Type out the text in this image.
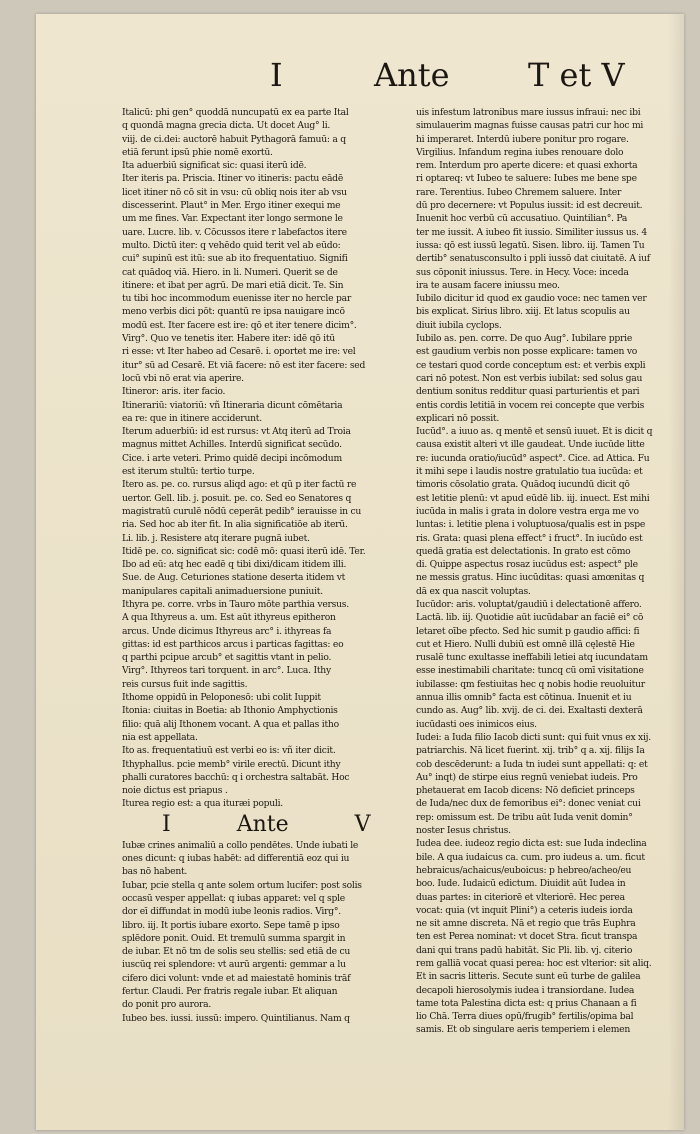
I	Ante T et V
Italicū: phi gen° quoddā nuncupatū ex ea parte Ital
q quondā magna grecia dicta. Ut docet Aug° li.
viij. de ci.dei: auctorē habuit Pythagorā famuū: a q
etiā ferunt ipsū phie nomē exortū.
Ita aduerbiū significat sic: quasi iterū idē.
Iter iteris pa. Priscia. Itiner vo itineris: pactu eādē
licet itiner nō cō sit in vsu: cū obliq nois iter ab vsu
discesserint. Plaut° in Mer. Ergo itiner exequi me
um me fines. Var. Expectant iter longo sermone le
uare. Lucre. lib. v. Cōcussos itere r labefactos itere
multo. Dictū iter: q vehēdo quid terit vel ab eūdo:
cui° supinū est itū: sue ab ito frequentatiuo. Signifi
cat quādoq viā. Hiero. in li. Numeri. Querit se de
itinere: et ibat per agrū. De mari etiā dicit. Te. Sin
tu tibi hoc incommodum euenisse iter no hercle par
meno verbis dici pōt: quantū re ipsa nauigare incō
modū est. Iter facere est ire: qō et iter tenere dicim°.
Virg°. Quo ve tenetis iter. Habere iter: idē qō itū
ri esse: vt Iter habeo ad Cesarē. i. oportet me ire: vel
itur° sū ad Cesarē. Et viā facere: nō est iter facere: sed
locū vbi nō erat via aperire.
Itineror: aris. iter facio.
Itinerariū: viatoriū: vñ Itineraria dicunt cōmētaria
ea re: que in itinere acciderunt.
Iterum aduerbiū: id est rursus: vt Atq iterū ad Troia
magnus mittet Achilles. Interdū significat secūdo.
Cice. i arte veteri. Primo quidē decipi incōmodum
est iterum stultū: tertio turpe.
Itero as. pe. co. rursus aliqd ago: et qū p iter factū re
uertor. Gell. lib. j. posuit. pe. co. Sed eo Senatores q
magistratū curulē nōdū ceperāt pedib° ierauisse in cu
ria. Sed hoc ab iter fit. In alia significatiōe ab iterū.
Li. lib. j. Resistere atq iterare pugnā iubet.
Itidē pe. co. significat sic: codē mō: quasi iterū idē. Ter.
Ibo ad eū: atq hec eadē q tibi dixi/dicam itidem illi.
Sue. de Aug. Ceturiones statione deserta itidem vt
manipulares capitali animaduersione puniuit.
Ithyra pe. corre. vrbs in Tauro mōte parthia versus.
A qua Ithyreus a. um. Est aūt ithyreus epitheron
arcus. Unde dicimus Ithyreus arc° i. ithyreas fa
gittas: id est parthicos arcus i particas fagittas: eo
q parthi pcipue arcub° et sagittis vtant in pelio.
Virg°. Ithyreos tari torquent. in arc°. Luca. Ithy
reis cursus fuit inde sagittis.
Ithome oppidū in Peloponesō: ubi colit Iuppit
Itonia: ciuitas in Boetia: ab Ithonio Amphyctionis
filio: quā alij Ithonem vocant. A qua et pallas itho
nia est appellata.
Ito as. frequentatiuū est verbi eo is: vñ iter dicit.
Ithyphallus. pcie memb° virile erectū. Dicunt ithy
phalli curatores bacchū: q i orchestra saltabāt. Hoc
noie dictus est priapus .
Iturea regio est: a qua ituræi populi.
I	Ante	V
Iubæ crines animaliū a collo pendētes. Unde iubati le
ones dicunt: q iubas habēt: ad differentiā eoz qui iu
bas nō habent.
Iubar, pcie stella q ante solem ortum lucifer: post solis
occasū vesper appellat: q iubas apparet: vel q sple
dor eī diffundat in modū iube leonis radios. Virg°.
libro. iij. It portis iubare exorto. Sepe tamē p ipso
splēdore ponit. Ouid. Et tremulū summa spargit in
de iubar. Et nō tm de solis seu stellis: sed etiā de cu
iuscūq rei splendore: vt aurū argenti: gemmar a lu
cifero dici volunt: vnde et ad maiestatē hominis trāf
fertur. Claudi. Per fratris regale iubar. Et aliquan
do ponit pro aurora.
Iubeo bes. iussi. iussū: impero. Quintilianus. Nam q
uis infestum latronibus mare iussus infraui: nec ibi
simulauerim magnas fuisse causas patri cur hoc mi
hi imperaret. Interdū iubere ponitur pro rogare.
Virgilius. Infandum regina iubes renouare dolo
rem. Interdum pro aperte dicere: et quasi exhorta
ri optareq: vt Iubeo te saluere: Iubes me bene spe
rare. Terentius. Iubeo Chremem saluere. Inter
dū pro decernere: vt Populus iussit: id est decreuit.
Inuenit hoc verbū cū accusatiuo. Quintilian°. Pa
ter me iussit. A iubeo fit iussio. Similiter iussus us. 4
iussa: qō est iussū legatū. Sisen. libro. iij. Tamen Tu
dertib° senatusconsulto i ppli iussō dat ciuitatē. A iuf
sus cōponit iniussus. Tere. in Hecy. Voce: inceda
ira te ausam facere iniussu meo.
Iubilo dicitur id quod ex gaudio voce: nec tamen ver
bis explicat. Sirius libro. xiij. Et latus scopulis au
diuit iubila cyclops.
Iubilo as. pen. corre. De quo Aug°. Iubilare pprie
est gaudium verbis non posse explicare: tamen vo
ce testari quod corde conceptum est: et verbis expli
cari nō potest. Non est verbis iubilat: sed solus gau
dentium sonitus redditur quasi parturientis et pari
entis cordis letitiā in vocem rei concepte que verbis
explicari nō possit.
Iucūd°. a iuuo as. q mentē et sensū iuuet. Et is dicit q
causa existit alteri vt ille gaudeat. Unde iucūde litte
re: iucunda oratio/iucūd° aspect°. Cice. ad Attica. Fu
it mihi sepe i laudis nostre gratulatio tua iucūda: et
timoris cōsolatio grata. Quādoq iucundū dicit qō
est letitie plenū: vt apud eūdē lib. iij. inuect. Est mihi
iucūda in malis i grata in dolore vestra erga me vo
luntas: i. letitie plena i voluptuosa/qualis est in pspe
ris. Grata: quasi plena effect° i fruct°. In iucūdo est
quedā gratia est delectationis. In grato est cōmo
di. Quippe aspectus rosaz iucūdus est: aspect° ple
ne messis gratus. Hinc iucūditas: quasi amœnitas q
dā ex qua nascit voluptas.
Iucūdor: aris. voluptat/gaudiū i delectationē affero.
Lactā. lib. iij. Quotidie aūt iucūdabar an faciē ei° cō
letaret oībe pfecto. Sed hic sumit p gaudio affici: fi
cut et Hiero. Nulli dubiū est omnē illā cęlestē Hie
rusalē tunc exultasse ineffabili letiei atq iucundatam
esse inestimabili charitate: tuncq cū omī visitatione
iubilasse: qm festiuitas hec q nobis hodie reuoluitur
annua illis omnib° facta est cōtinua. Inuenit et iu
cundo as. Aug° lib. xvij. de ci. dei. Exaltasti dexterā
iucūdasti oes inimicos eius.
Iudei: a Iuda filio Iacob dicti sunt: qui fuit vnus ex xij.
patriarchis. Nā licet fuerint. xij. trib° q a. xij. filijs Ia
cob descēderunt: a Iuda tn iudei sunt appellati: q: et
Au° inqt) de stirpe eius regnū veniebat iudeis. Pro
phetauerat em Iacob dicens: Nō deficiet princeps
de Iuda/nec dux de femoribus ei°: donec veniat cui
rep: omissum est. De tribu aūt Iuda venit domin°
noster Iesus christus.
Iudea dee. iudeoz regio dicta est: sue Iuda indeclina
bile. A qua iudaicus ca. cum. pro iudeus a. um. ficut
hebraicus/achaicus/euboicus: p hebreo/acheo/eu
boo. Iude. Iudaicū edictum. Diuidit aūt Iudea in
duas partes: in citeriorē et vlteriorē. Hec perea
vocat: quia (vt inquit Plini°) a ceteris iudeis iorda
ne sit amne discreta. Nā et regio que trās Euphra
ten est Perea nominat: vt docet Stra. ficut transpa
dani qui trans padū habitāt. Sic Pli. lib. vj. citerio
rem galliā vocat quasi perea: hoc est vlterior: sit aliq.
Et in sacris litteris. Secute sunt eū turbe de galilea
decapoli hierosolymis iudea i transiordane. Iudea
tame tota Palestina dicta est: q prius Chanaan a fi
lio Chā. Terra diues opū/frugib° fertilis/opima bal
samis. Et ob singulare aeris temperiem i elemen
